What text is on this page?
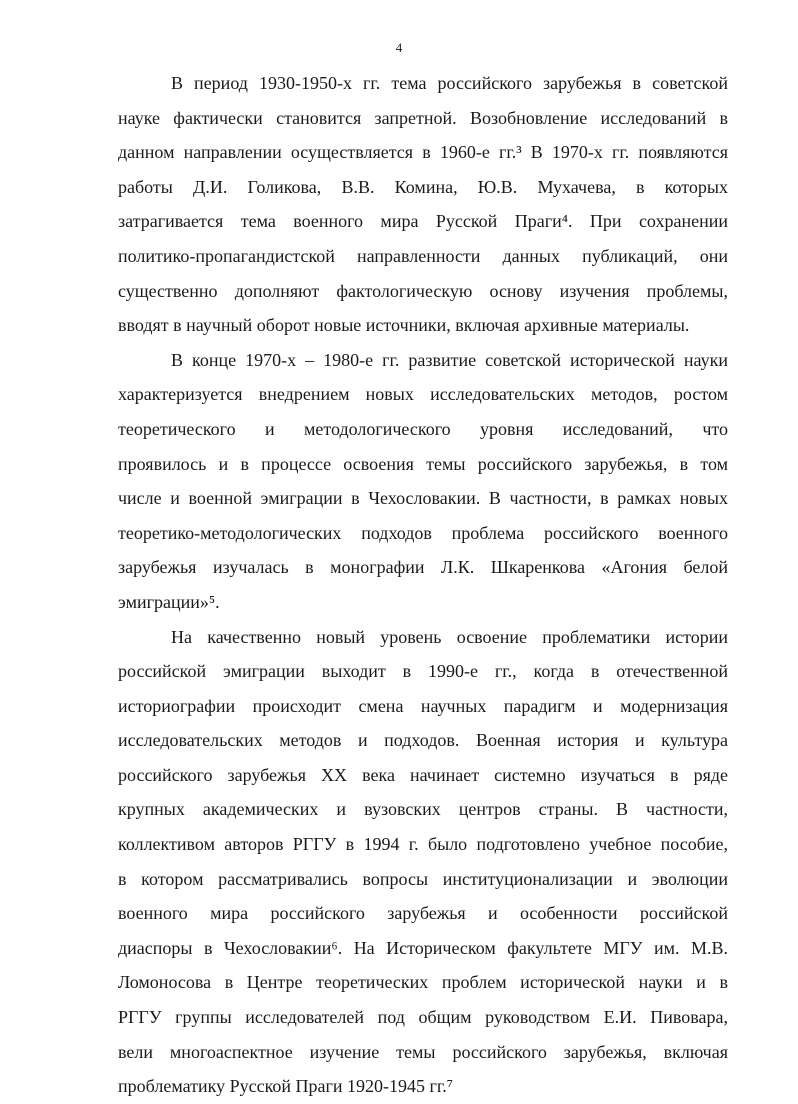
4
В период 1930-1950-х гг. тема российского зарубежья в советской
науке фактически становится запретной. Возобновление исследований в
данном направлении осуществляется в 1960-е гг.³ В 1970-х гг. появляются
работы Д.И. Голикова, В.В. Комина, Ю.В. Мухачева, в которых
затрагивается тема военного мира Русской Праги⁴. При сохранении
политико-пропагандистской направленности данных публикаций, они
существенно дополняют фактологическую основу изучения проблемы,
вводят в научный оборот новые источники, включая архивные материалы.
В конце 1970-х – 1980-е гг. развитие советской исторической науки
характеризуется внедрением новых исследовательских методов, ростом
теоретического и методологического уровня исследований, что
проявилось и в процессе освоения темы российского зарубежья, в том
числе и военной эмиграции в Чехословакии. В частности, в рамках новых
теоретико-методологических подходов проблема российского военного
зарубежья изучалась в монографии Л.К. Шкаренкова «Агония белой
эмиграции»⁵.
На качественно новый уровень освоение проблематики истории
российской эмиграции выходит в 1990-е гг., когда в отечественной
историографии происходит смена научных парадигм и модернизация
исследовательских методов и подходов. Военная история и культура
российского зарубежья XX века начинает системно изучаться в ряде
крупных академических и вузовских центров страны. В частности,
коллективом авторов РГГУ в 1994 г. было подготовлено учебное пособие,
в котором рассматривались вопросы институционализации и эволюции
военного мира российского зарубежья и особенности российской
диаспоры в Чехословакии⁶. На Историческом факультете МГУ им. М.В.
Ломоносова в Центре теоретических проблем исторической науки и в
РГГУ группы исследователей под общим руководством Е.И. Пивовара,
вели многоаспектное изучение темы российского зарубежья, включая
проблематику Русской Праги 1920-1945 гг.⁷
